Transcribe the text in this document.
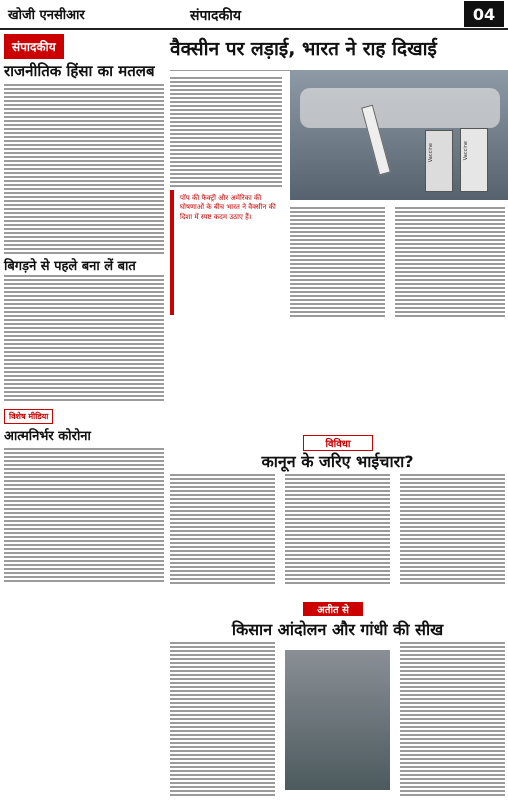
खोजी एनसीआर	संपादकीय	04
संपादकीय
राजनीतिक हिंसा का मतलब
बिगड़ने से पहले बना लें बात
विशेष मीडिया
आत्मनिर्भर कोरोना
वैक्सीन पर लड़ाई, भारत ने राह दिखाई
Vaccine	Vaccine
पॉप की फैक्ट्री और अमेरिका की घोषणाओं के बीच भारत ने वैक्सीन की दिशा में स्पष्ट कदम उठाए हैं।
विविधा
कानून के जरिए भाईचारा?
अतीत से
किसान आंदोलन और गांधी की सीख
